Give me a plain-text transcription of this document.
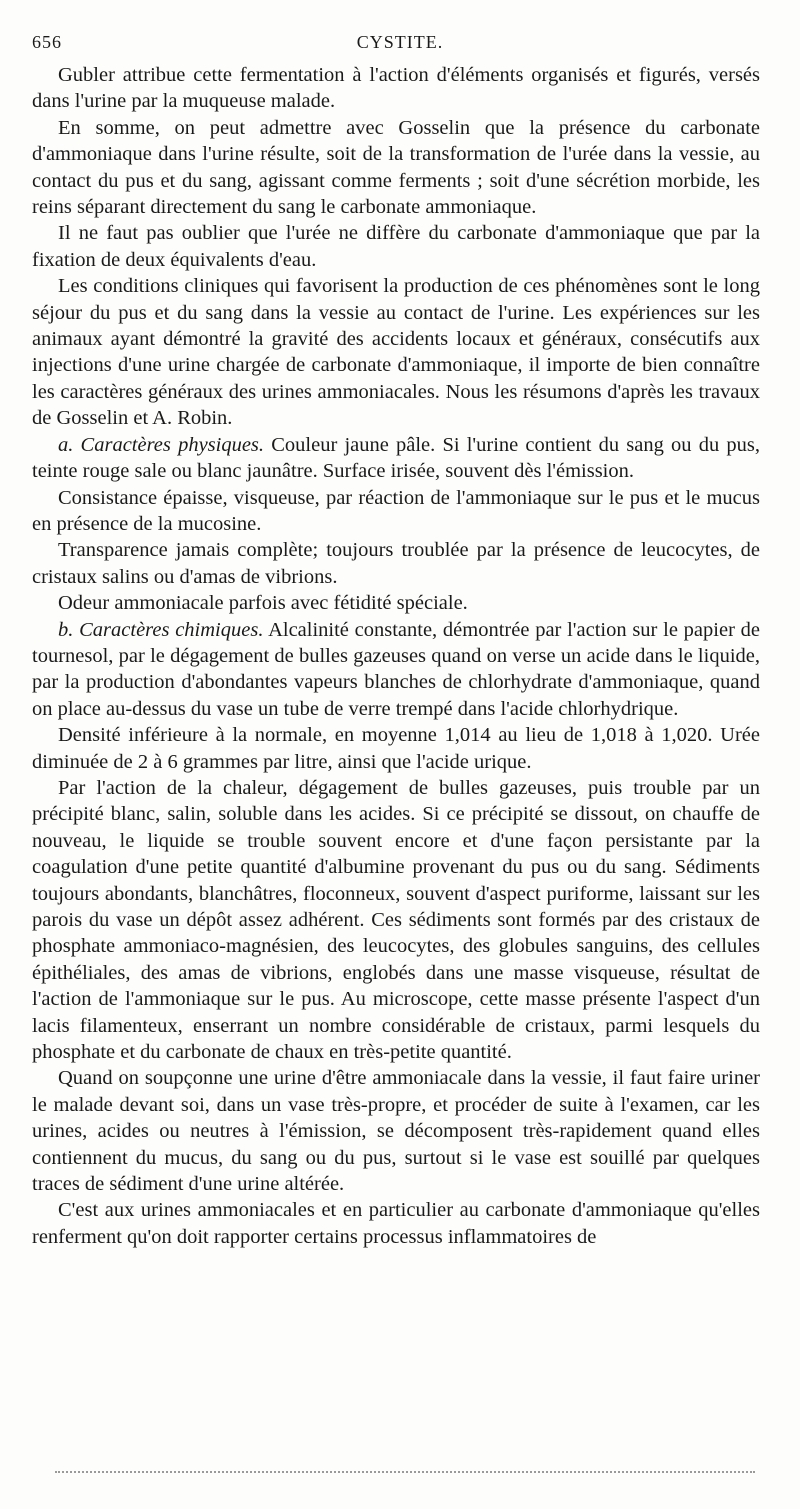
656	CYSTITE.

Gubler attribue cette fermentation à l'action d'éléments organisés et figurés, versés dans l'urine par la muqueuse malade.

En somme, on peut admettre avec Gosselin que la présence du carbonate d'ammoniaque dans l'urine résulte, soit de la transformation de l'urée dans la vessie, au contact du pus et du sang, agissant comme ferments ; soit d'une sécrétion morbide, les reins séparant directement du sang le carbonate ammoniaque.

Il ne faut pas oublier que l'urée ne diffère du carbonate d'ammoniaque que par la fixation de deux équivalents d'eau.

Les conditions cliniques qui favorisent la production de ces phénomènes sont le long séjour du pus et du sang dans la vessie au contact de l'urine. Les expériences sur les animaux ayant démontré la gravité des accidents locaux et généraux, consécutifs aux injections d'une urine chargée de carbonate d'ammoniaque, il importe de bien connaître les caractères généraux des urines ammoniacales. Nous les résumons d'après les travaux de Gosselin et A. Robin.

a. Caractères physiques. Couleur jaune pâle. Si l'urine contient du sang ou du pus, teinte rouge sale ou blanc jaunâtre. Surface irisée, souvent dès l'émission.

Consistance épaisse, visqueuse, par réaction de l'ammoniaque sur le pus et le mucus en présence de la mucosine.

Transparence jamais complète; toujours troublée par la présence de leucocytes, de cristaux salins ou d'amas de vibrions.

Odeur ammoniacale parfois avec fétidité spéciale.

b. Caractères chimiques. Alcalinité constante, démontrée par l'action sur le papier de tournesol, par le dégagement de bulles gazeuses quand on verse un acide dans le liquide, par la production d'abondantes vapeurs blanches de chlorhydrate d'ammoniaque, quand on place au-dessus du vase un tube de verre trempé dans l'acide chlorhydrique.

Densité inférieure à la normale, en moyenne 1,014 au lieu de 1,018 à 1,020. Urée diminuée de 2 à 6 grammes par litre, ainsi que l'acide urique.

Par l'action de la chaleur, dégagement de bulles gazeuses, puis trouble par un précipité blanc, salin, soluble dans les acides. Si ce précipité se dissout, on chauffe de nouveau, le liquide se trouble souvent encore et d'une façon persistante par la coagulation d'une petite quantité d'albumine provenant du pus ou du sang. Sédiments toujours abondants, blanchâtres, floconneux, souvent d'aspect puriforme, laissant sur les parois du vase un dépôt assez adhérent. Ces sédiments sont formés par des cristaux de phosphate ammoniaco-magnésien, des leucocytes, des globules sanguins, des cellules épithéliales, des amas de vibrions, englobés dans une masse visqueuse, résultat de l'action de l'ammoniaque sur le pus. Au microscope, cette masse présente l'aspect d'un lacis filamenteux, enserrant un nombre considérable de cristaux, parmi lesquels du phosphate et du carbonate de chaux en très-petite quantité.

Quand on soupçonne une urine d'être ammoniacale dans la vessie, il faut faire uriner le malade devant soi, dans un vase très-propre, et procéder de suite à l'examen, car les urines, acides ou neutres à l'émission, se décomposent très-rapidement quand elles contiennent du mucus, du sang ou du pus, surtout si le vase est souillé par quelques traces de sédiment d'une urine altérée.

C'est aux urines ammoniacales et en particulier au carbonate d'ammoniaque qu'elles renferment qu'on doit rapporter certains processus inflammatoires de
